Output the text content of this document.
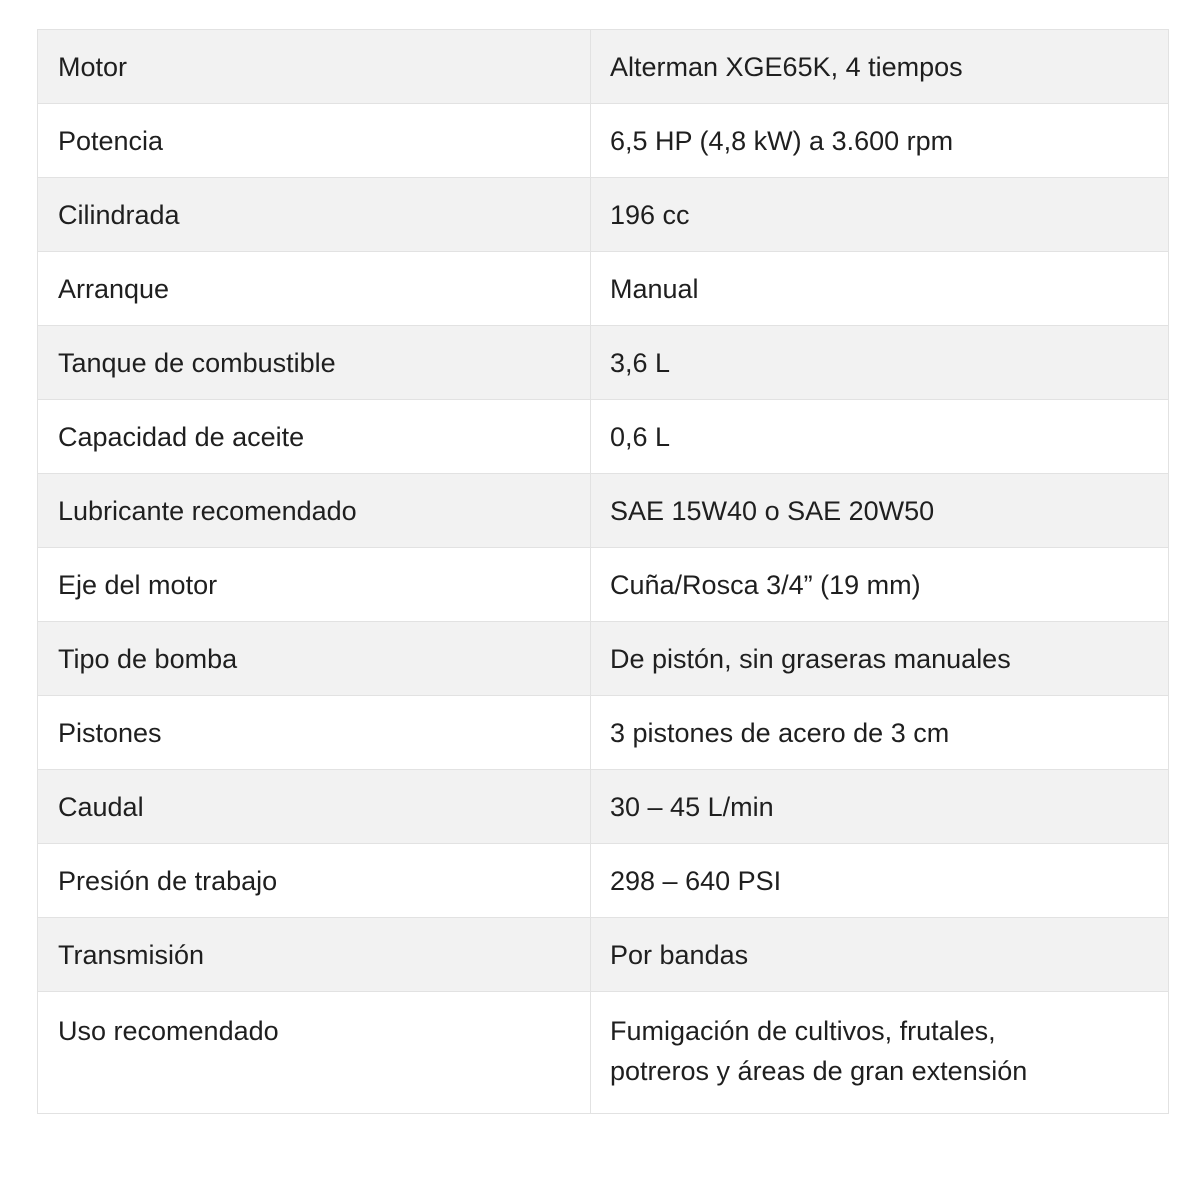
Motor	Alterman XGE65K, 4 tiempos
Potencia	6,5 HP (4,8 kW) a 3.600 rpm
Cilindrada	196 cc
Arranque	Manual
Tanque de combustible	3,6 L
Capacidad de aceite	0,6 L
Lubricante recomendado	SAE 15W40 o SAE 20W50
Eje del motor	Cuña/Rosca 3/4” (19 mm)
Tipo de bomba	De pistón, sin graseras manuales
Pistones	3 pistones de acero de 3 cm
Caudal	30 – 45 L/min
Presión de trabajo	298 – 640 PSI
Transmisión	Por bandas
Uso recomendado	Fumigación de cultivos, frutales,
potreros y áreas de gran extensión
